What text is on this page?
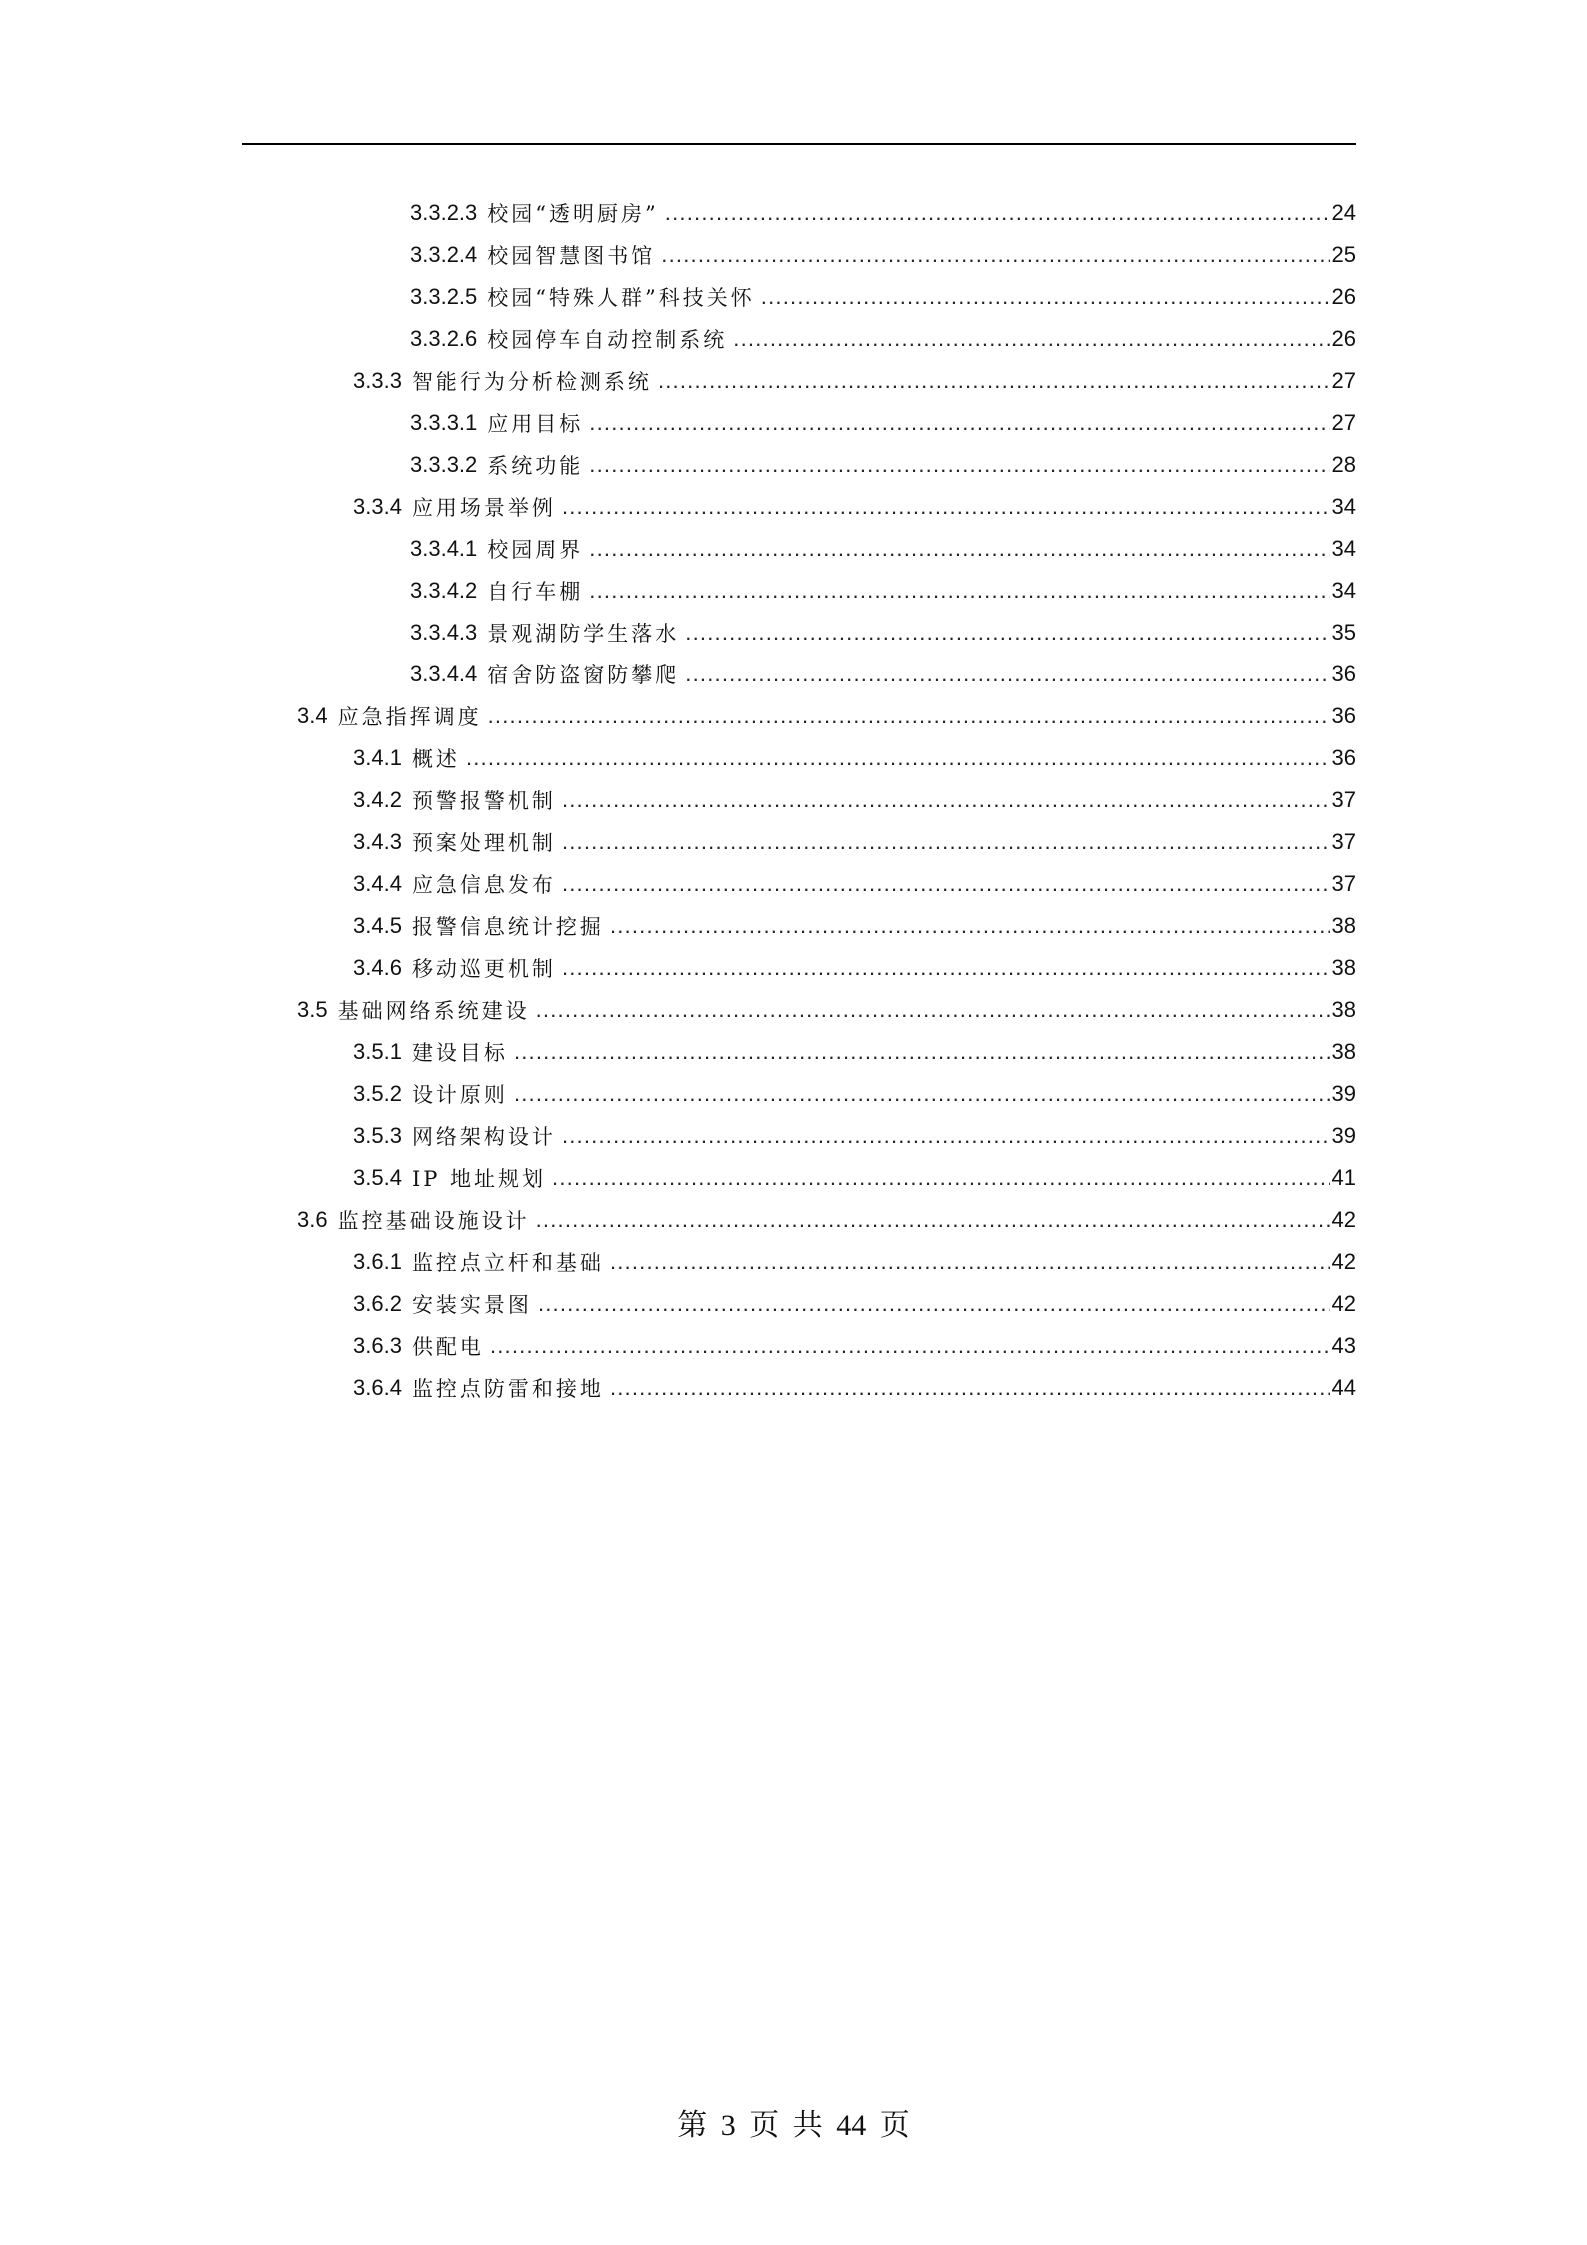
3.3.2.3 校园“透明厨房” .....	24
3.3.2.4 校园智慧图书馆 .....	25
3.3.2.5 校园“特殊人群”科技关怀 .....	26
3.3.2.6 校园停车自动控制系统 .....	26
3.3.3 智能行为分析检测系统 .....	27
3.3.3.1 应用目标 .....	27
3.3.3.2 系统功能 .....	28
3.3.4 应用场景举例 .....	34
3.3.4.1 校园周界 .....	34
3.3.4.2 自行车棚 .....	34
3.3.4.3 景观湖防学生落水 .....	35
3.3.4.4 宿舍防盗窗防攀爬 .....	36
3.4 应急指挥调度 .....	36
3.4.1 概述 .....	36
3.4.2 预警报警机制 .....	37
3.4.3 预案处理机制 .....	37
3.4.4 应急信息发布 .....	37
3.4.5 报警信息统计挖掘 .....	38
3.4.6 移动巡更机制 .....	38
3.5 基础网络系统建设 .....	38
3.5.1 建设目标 .....	38
3.5.2 设计原则 .....	39
3.5.3 网络架构设计 .....	39
3.5.4 IP 地址规划 .....	41
3.6 监控基础设施设计 .....	42
3.6.1 监控点立杆和基础 .....	42
3.6.2 安装实景图 .....	42
3.6.3 供配电 .....	43
3.6.4 监控点防雷和接地 .....	44
第 3 页 共 44 页
